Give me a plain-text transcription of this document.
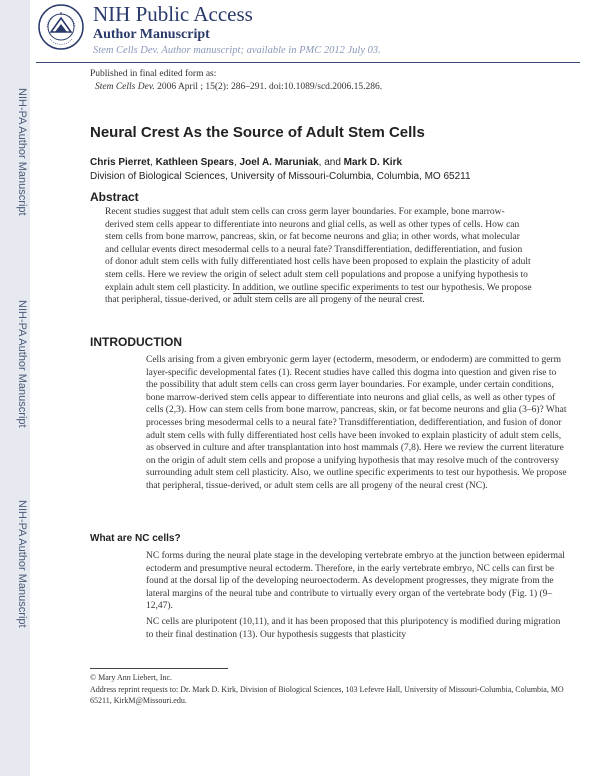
NIH-PA Author Manuscript
NIH-PA Author Manuscript
NIH-PA Author Manuscript
NIH Public Access
Author Manuscript
Stem Cells Dev. Author manuscript; available in PMC 2012 July 03.
Published in final edited form as:
Stem Cells Dev. 2006 April ; 15(2): 286–291. doi:10.1089/scd.2006.15.286.
Neural Crest As the Source of Adult Stem Cells
Chris Pierret, Kathleen Spears, Joel A. Maruniak, and Mark D. Kirk
Division of Biological Sciences, University of Missouri-Columbia, Columbia, MO 65211
Abstract
Recent studies suggest that adult stem cells can cross germ layer boundaries. For example, bone marrow-derived stem cells appear to differentiate into neurons and glial cells, as well as other types of cells. How can stem cells from bone marrow, pancreas, skin, or fat become neurons and glia; in other words, what molecular and cellular events direct mesodermal cells to a neural fate? Transdifferentiation, dedifferentiation, and fusion of donor adult stem cells with fully differentiated host cells have been proposed to explain the plasticity of adult stem cells. Here we review the origin of select adult stem cell populations and propose a unifying hypothesis to explain adult stem cell plasticity. In addition, we outline specific experiments to test our hypothesis. We propose that peripheral, tissue-derived, or adult stem cells are all progeny of the neural crest.
INTRODUCTION
Cells arising from a given embryonic germ layer (ectoderm, mesoderm, or endoderm) are committed to germ layer-specific developmental fates (1). Recent studies have called this dogma into question and given rise to the possibility that adult stem cells can cross germ layer boundaries. For example, under certain conditions, bone marrow-derived stem cells appear to differentiate into neurons and glial cells, as well as other types of cells (2,3). How can stem cells from bone marrow, pancreas, skin, or fat become neurons and glia (3–6)? What processes bring mesodermal cells to a neural fate? Transdifferentiation, dedifferentiation, and fusion of donor adult stem cells with fully differentiated host cells have been invoked to explain plasticity of adult stem cells, as observed in culture and after transplantation into host mammals (7,8). Here we review the current literature on the origin of adult stem cells and propose a unifying hypothesis that may resolve much of the controversy surrounding adult stem cell plasticity. Also, we outline specific experiments to test our hypothesis. We propose that peripheral, tissue-derived, or adult stem cells are all progeny of the neural crest (NC).
What are NC cells?
NC forms during the neural plate stage in the developing vertebrate embryo at the junction between epidermal ectoderm and presumptive neural ectoderm. Therefore, in the early vertebrate embryo, NC cells can first be found at the dorsal lip of the developing neuroectoderm. As development progresses, they migrate from the lateral margins of the neural tube and contribute to virtually every organ of the vertebrate body (Fig. 1) (9–12,47).
NC cells are pluripotent (10,11), and it has been proposed that this pluripotency is modified during migration to their final destination (13). Our hypothesis suggests that plasticity
© Mary Ann Liebert, Inc.
Address reprint requests to: Dr. Mark D. Kirk, Division of Biological Sciences, 103 Lefevre Hall, University of Missouri-Columbia, Columbia, MO 65211, KirkM@Missouri.edu.
